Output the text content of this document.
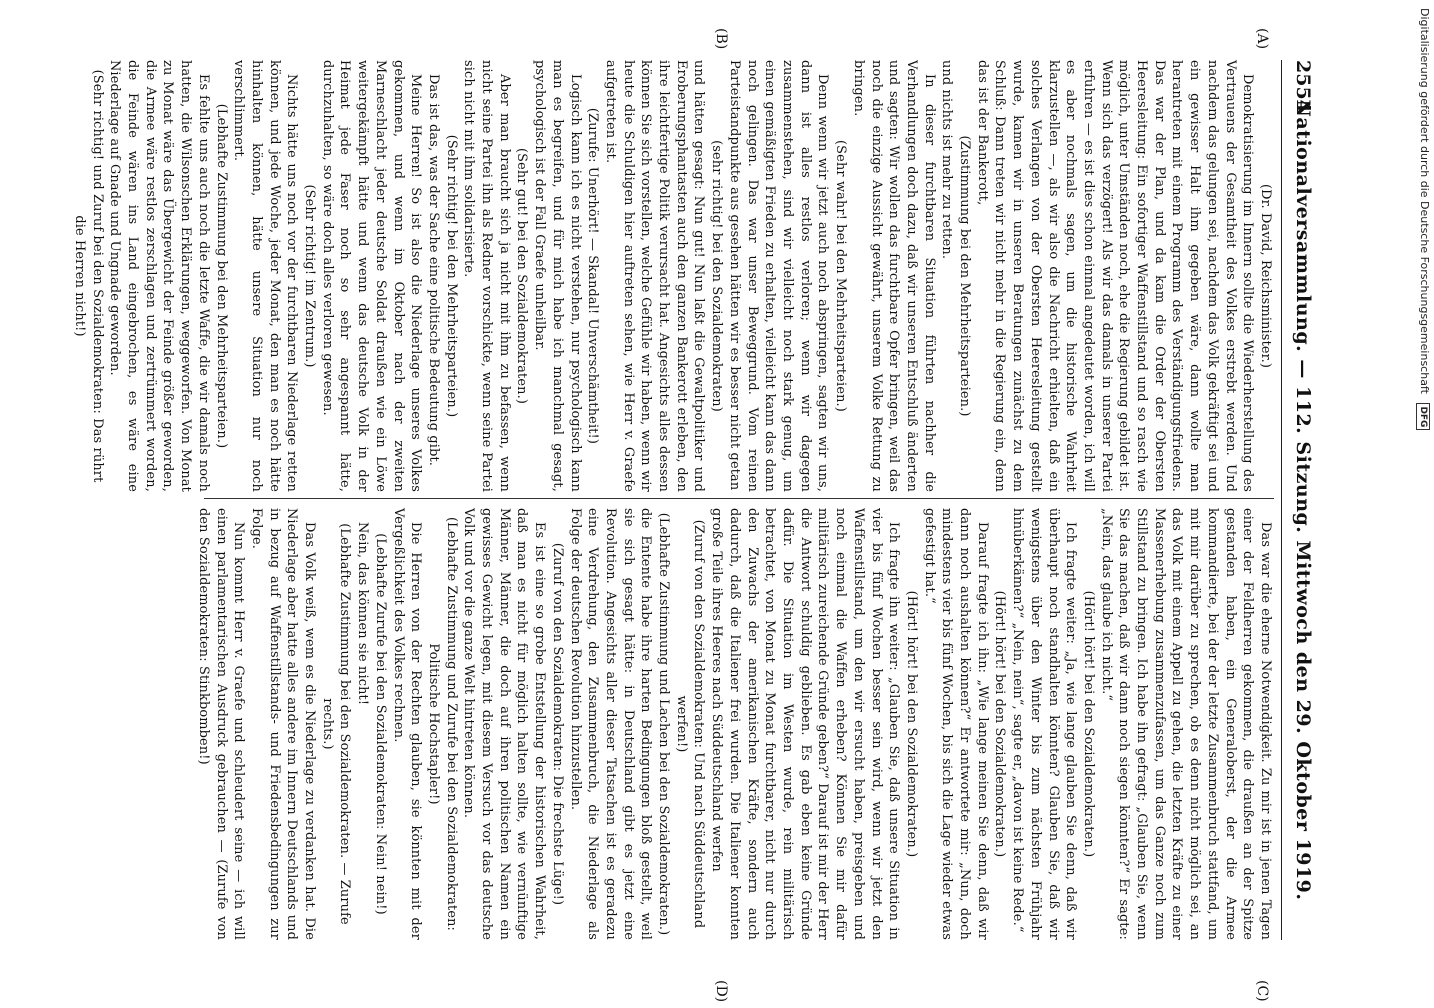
2554
Nationalversammlung. — 112. Sitzung. Mittwoch den 29. Oktober 1919.
(A)
(B)
(C)
(D)

(Dr. David, Reichsminister.)

Demokratisierung im Innern sollte die Wiederherstellung des Vertrauens der Gesamtheit des Volkes erstrebt werden. Und nachdem das gelungen sei, nachdem das Volk gekräftigt sei und ein gewisser Halt ihm gegeben wäre, dann wollte man herantreten mit einem Programm des Verständigungsfriedens. Das war der Plan, und da kam die Order der Obersten Heeresleitung: Ein sofortiger Waffenstillstand und so rasch wie möglich, unter Umständen noch, ehe die Regierung gebildet ist. Wenn sich das verzögert! Als wir das damals in unserer Partei erfuhren — es ist dies schon einmal angedeutet worden, ich will es aber nochmals sagen, um die historische Wahrheit klarzustellen —, als wir also die Nachricht erhielten, daß ein solches Verlangen von der Obersten Heeresleitung gestellt wurde, kamen wir in unseren Beratungen zunächst zu dem Schluß: Dann treten wir nicht mehr in die Regierung ein, denn das ist der Bankerott,

(Zustimmung bei den Mehrheitsparteien.)

und nichts ist mehr zu retten.

In dieser furchtbaren Situation führten nachher die Verhandlungen doch dazu, daß wir unseren Entschluß änderten und sagten: Wir wollen das furchtbare Opfer bringen, weil das noch die einzige Aussicht gewährt, unserem Volke Rettung zu bringen.

(Sehr wahr! bei den Mehrheitsparteien.)

Denn wenn wir jetzt auch noch abspringen, sagten wir uns, dann ist alles restlos verloren; wenn wir dagegen zusammenstehen, sind wir vielleicht noch stark genug, um einen gemäßigten Frieden zu erhalten, vielleicht kann das dann noch gelingen. Das war unser Beweggrund. Vom reinen Parteistandpunkte aus gesehen hätten wir es besser nicht getan

(sehr richtig! bei den Sozialdemokraten)

und hätten gesagt: Nun gut! Nun laßt die Gewaltpolitiker und Eroberungsphantasten auch den ganzen Bankerott erleben, den ihre leichtfertige Politik verursacht hat. Angesichts alles dessen können Sie sich vorstellen, welche Gefühle wir haben, wenn wir heute die Schuldigen hier auftreten sehen, wie Herr v. Graefe aufgetreten ist.

(Zurufe: Unerhört! — Skandal! Unverschämtheit!)

Logisch kann ich es nicht verstehen, nur psychologisch kann man es begreifen, und für mich habe ich manchmal gesagt, psychologisch ist der Fall Graefe unheilbar.

(Sehr gut! bei den Sozialdemokraten.)

Aber man braucht sich ja nicht mit ihm zu befassen, wenn nicht seine Partei ihn als Redner vorschickte, wenn seine Partei sich nicht mit ihm solidarisierte.

(Sehr richtig! bei den Mehrheitsparteien.)

Das ist das, was der Sache eine politische Bedeutung gibt.

Meine Herren! So ist also die Niederlage unseres Volkes gekommen, und wenn im Oktober nach der zweiten Marneschlacht jeder deutsche Soldat draußen wie ein Löwe weitergekämpft hätte und wenn das deutsche Volk in der Heimat jede Faser noch so sehr angespannt hätte, durchzuhalten, so wäre doch alles verloren gewesen.

(Sehr richtig! im Zentrum.)

Nichts hätte uns noch vor der furchtbaren Niederlage retten können, und jede Woche, jeder Monat, den man es noch hätte hinhalten können, hätte unsere Situation nur noch verschlimmert.

(Lebhafte Zustimmung bei den Mehrheitsparteien.)

Es fehlte uns auch noch die letzte Waffe, die wir damals noch hatten, die Wilsonschen Erklärungen, weggeworfen. Von Monat zu Monat wäre das Übergewicht der Feinde größer geworden, die Armee wäre restlos zerschlagen und zertrümmert worden, die Feinde wären ins Land eingebrochen, es wäre eine Niederlage auf Gnade und Ungnade geworden.

(Sehr richtig! und Zuruf bei den Sozialdemokraten: Das rührt die Herren nicht!)

Das war die eherne Notwendigkeit. Zu mir ist in jenen Tagen einer der Feldherren gekommen, die draußen an der Spitze gestanden haben, ein Generaloberst, der die Armee kommandierte, bei der der letzte Zusammenbruch stattfand, um mit mir darüber zu sprechen, ob es denn nicht möglich sei, an das Volk mit einem Appell zu gehen, die letzten Kräfte zu einer Massenerhebung zusammenzufassen, um das Ganze noch zum Stillstand zu bringen. Ich habe ihn gefragt: „Glauben Sie, wenn Sie das machen, daß wir dann noch siegen könnten?“ Er sagte: „Nein, das glaube ich nicht.“

(Hört! hört! bei den Sozialdemokraten.)

Ich fragte weiter: „Ja, wie lange glauben Sie denn, daß wir überhaupt noch standhalten könnten? Glauben Sie, daß wir wenigstens über den Winter bis zum nächsten Frühjahr hinüberkämen?“ „Nein, nein“, sagte er, „davon ist keine Rede.“

(Hört! hört! bei den Sozialdemokraten.)

Darauf fragte ich ihn: „Wie lange meinen Sie denn, daß wir dann noch aushalten können?“ Er antwortete mir: „Nun, doch mindestens vier bis fünf Wochen, bis sich die Lage wieder etwas gefestigt hat.“

(Hört! hört! bei den Sozialdemokraten.)

Ich fragte ihn weiter: „Glauben Sie, daß unsere Situation in vier bis fünf Wochen besser sein wird, wenn wir jetzt den Waffenstillstand, um den wir ersucht haben, preisgeben und noch einmal die Waffen erheben? Können Sie mir dafür militärisch zureichende Gründe geben?“ Darauf ist mir der Herr die Antwort schuldig geblieben. Es gab eben keine Gründe dafür. Die Situation im Westen wurde, rein militärisch betrachtet, von Monat zu Monat furchtbarer, nicht nur durch den Zuwachs der amerikanischen Kräfte, sondern auch dadurch, daß die Italiener frei wurden. Die Italiener konnten große Teile ihres Heeres nach Süddeutschland werfen

(Zuruf von den Sozialdemokraten: Und nach Süddeutschland werfen!)

(Lebhafte Zustimmung und Lachen bei den Sozialdemokraten.)

die Entente habe ihre harten Bedingungen bloß gestellt, weil sie sich gesagt hätte: in Deutschland gibt es jetzt eine Revolution. Angesichts aller dieser Tatsachen ist es geradezu eine Verdrehung, den Zusammenbruch, die Niederlage als Folge der deutschen Revolution hinzustellen.

(Zuruf von den Sozialdemokraten: Die frechste Lüge!)

Es ist eine so grobe Entstellung der historischen Wahrheit, daß man es nicht für möglich halten sollte, wie vernünftige Männer, Männer, die doch auf ihren politischen Namen ein gewisses Gewicht legen, mit diesem Versuch vor das deutsche Volk und vor die ganze Welt hintreten können.

(Lebhafte Zustimmung und Zurufe bei den Sozialdemokraten: Politische Hochstapler!)

Die Herren von der Rechten glauben, sie könnten mit der Vergeßlichkeit des Volkes rechnen.

(Lebhafte Zurufe bei den Sozialdemokraten: Nein! nein!)

Nein, das können sie nicht!

(Lebhafte Zustimmung bei den Sozialdemokraten. — Zurufe rechts.)

Das Volk weiß, wem es die Niederlage zu verdanken hat. Die Niederlage aber hatte alles andere im Innern Deutschlands und in bezug auf Waffenstillstands- und Friedensbedingungen zur Folge.

Nun kommt Herr v. Graefe und schleudert seine — ich will einen parlamentarischen Ausdruck gebrauchen — (Zurufe von den Sozialdemokraten: Stinkbomben!)

Digitalisierung gefördert durch die Deutsche Forschungsgemeinschaft DFG
